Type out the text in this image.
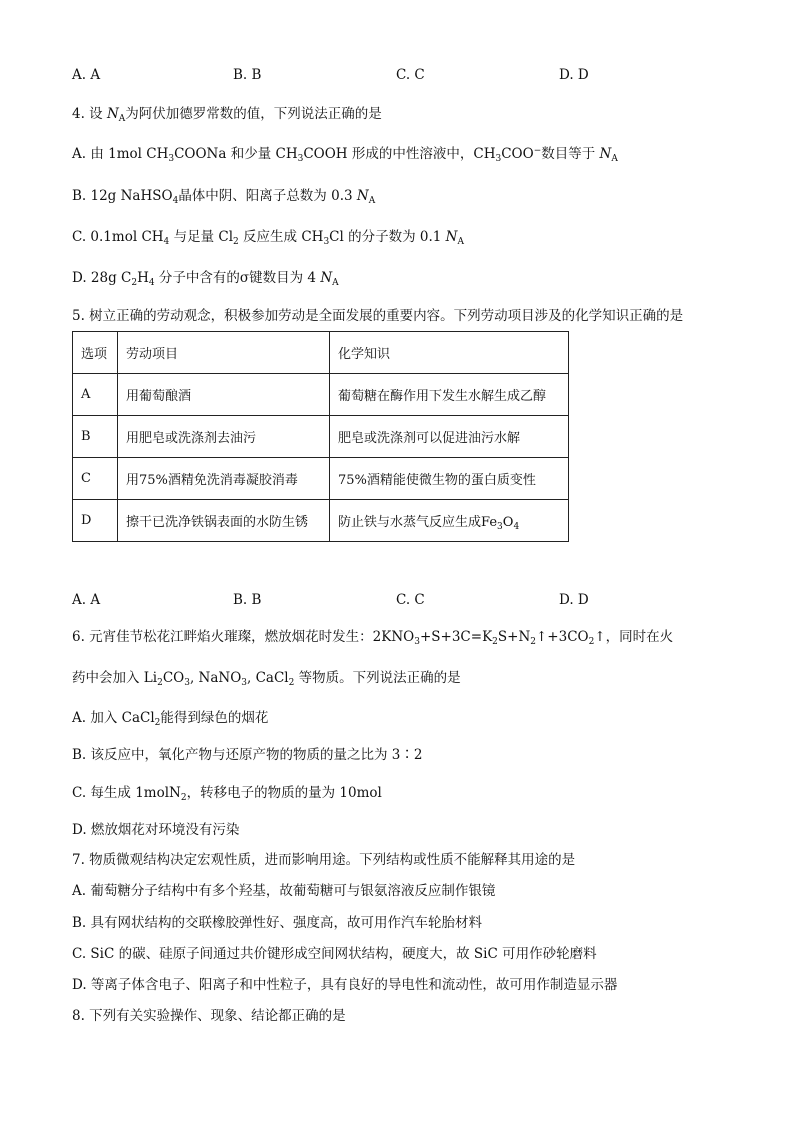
A. A	B. B	C. C	D. D
4. 设 $N_A$为阿伏加德罗常数的值，下列说法正确的是
A. 由 1mol $CH_3COONa$ 和少量 $CH_3COOH$ 形成的中性溶液中，$CH_3COO^-$数目等于 $N_A$
B. 12g NaHSO$_4$晶体中阴、阳离子总数为 0.3 $N_A$
C. 0.1mol $CH_4$ 与足量 $Cl_2$ 反应生成 $CH_3Cl$ 的分子数为 0.1 $N_A$
D. 28g $C_2H_4$ 分子中含有的σ键数目为 4 $N_A$
5. 树立正确的劳动观念，积极参加劳动是全面发展的重要内容。下列劳动项目涉及的化学知识正确的是
选项	劳动项目	化学知识
A	用葡萄酿酒	葡萄糖在酶作用下发生水解生成乙醇
B	用肥皂或洗涤剂去油污	肥皂或洗涤剂可以促进油污水解
C	用75%酒精免洗消毒凝胶消毒	75%酒精能使微生物的蛋白质变性
D	擦干已洗净铁锅表面的水防生锈	防止铁与水蒸气反应生成$Fe_3O_4$
A. A	B. B	C. C	D. D
6. 元宵佳节松花江畔焰火璀璨，燃放烟花时发生：$2KNO_3+S+3C=K_2S+N_2↑+3CO_2↑$，同时在火
药中会加入 $Li_2CO_3$, NaNO$_3$, CaCl$_2$ 等物质。下列说法正确的是
A. 加入 CaCl$_2$能得到绿色的烟花
B. 该反应中，氧化产物与还原产物的物质的量之比为 3∶2
C. 每生成 1molN$_2$，转移电子的物质的量为 10mol
D. 燃放烟花对环境没有污染
7. 物质微观结构决定宏观性质，进而影响用途。下列结构或性质不能解释其用途的是
A. 葡萄糖分子结构中有多个羟基，故葡萄糖可与银氨溶液反应制作银镜
B. 具有网状结构的交联橡胶弹性好、强度高，故可用作汽车轮胎材料
C. SiC 的碳、硅原子间通过共价键形成空间网状结构，硬度大，故 SiC 可用作砂轮磨料
D. 等离子体含电子、阳离子和中性粒子，具有良好的导电性和流动性，故可用作制造显示器
8. 下列有关实验操作、现象、结论都正确的是
